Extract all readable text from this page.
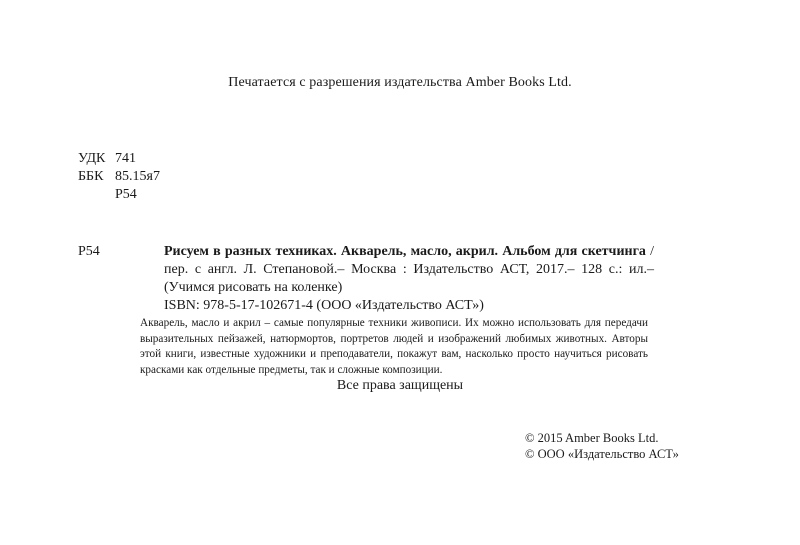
Печатается с разрешения издательства Amber Books Ltd.
УДК 741
ББК 85.15я7
Р54
Р54	Рисуем в разных техниках. Акварель, масло, акрил. Альбом для скетчинга / пер. с англ. Л. Степановой.– Москва : Издательство АСТ, 2017.– 128 с.: ил.– (Учимся рисовать на коленке)
ISBN: 978-5-17-102671-4 (ООО «Издательство АСТ»)
Акварель, масло и акрил – самые популярные техники живописи. Их можно использовать для передачи выразительных пейзажей, натюрмортов, портретов людей и изображений любимых животных. Авторы этой книги, известные художники и преподаватели, покажут вам, насколько просто научиться рисовать красками как отдельные предметы, так и сложные композиции.
Все права защищены
© 2015 Amber Books Ltd.
© ООО «Издательство АСТ»
